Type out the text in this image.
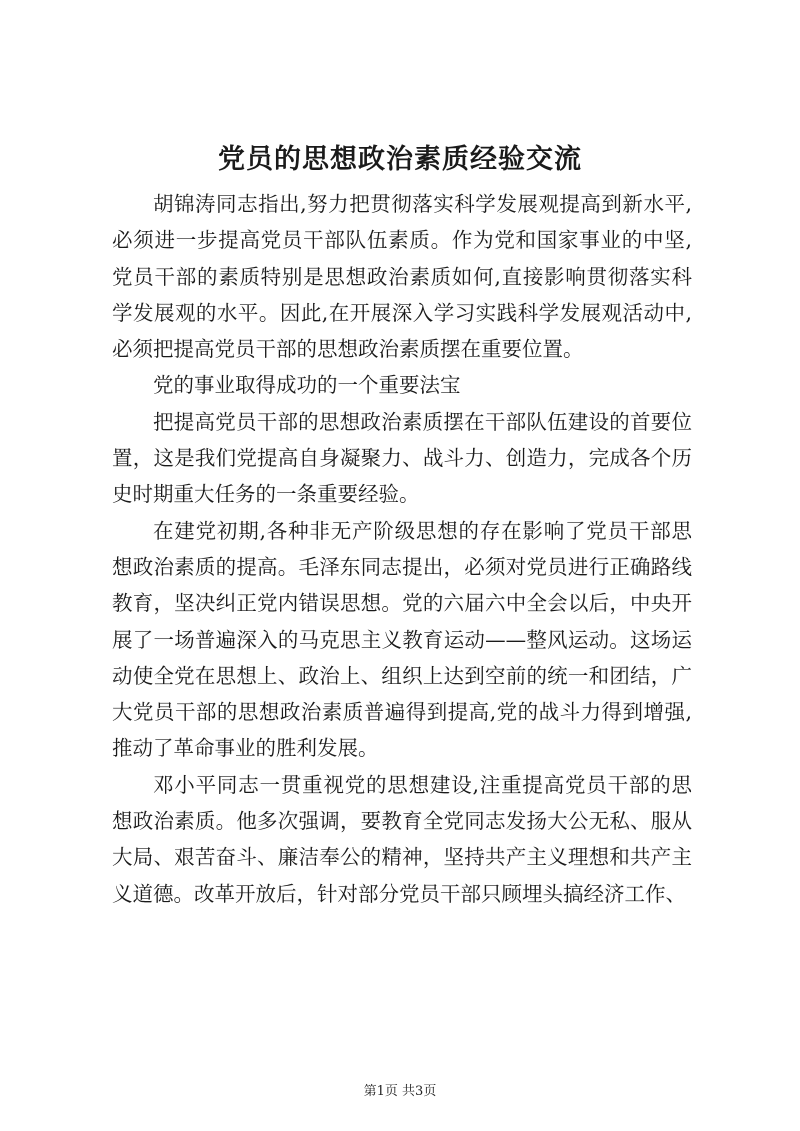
党员的思想政治素质经验交流

胡锦涛同志指出,努力把贯彻落实科学发展观提高到新水平,必须进一步提高党员干部队伍素质。作为党和国家事业的中坚,党员干部的素质特别是思想政治素质如何,直接影响贯彻落实科学发展观的水平。因此,在开展深入学习实践科学发展观活动中,必须把提高党员干部的思想政治素质摆在重要位置。

党的事业取得成功的一个重要法宝

把提高党员干部的思想政治素质摆在干部队伍建设的首要位置，这是我们党提高自身凝聚力、战斗力、创造力，完成各个历史时期重大任务的一条重要经验。

在建党初期,各种非无产阶级思想的存在影响了党员干部思想政治素质的提高。毛泽东同志提出，必须对党员进行正确路线教育，坚决纠正党内错误思想。党的六届六中全会以后，中央开展了一场普遍深入的马克思主义教育运动——整风运动。这场运动使全党在思想上、政治上、组织上达到空前的统一和团结，广大党员干部的思想政治素质普遍得到提高,党的战斗力得到增强,推动了革命事业的胜利发展。

邓小平同志一贯重视党的思想建设,注重提高党员干部的思想政治素质。他多次强调，要教育全党同志发扬大公无私、服从大局、艰苦奋斗、廉洁奉公的精神，坚持共产主义理想和共产主义道德。改革开放后，针对部分党员干部只顾埋头搞经济工作、

第1页 共3页
